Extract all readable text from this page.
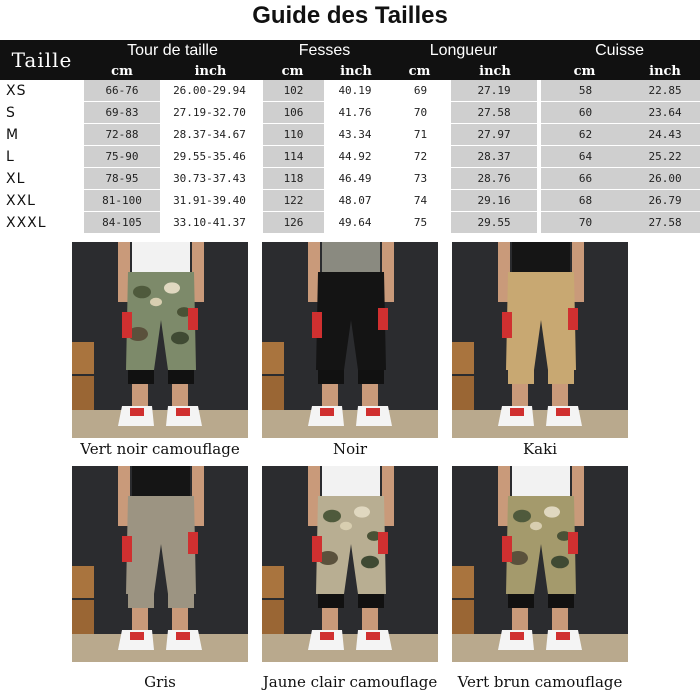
Guide des Tailles
Taille	Tour de taille		Fesses		Longueur		Cuisse	
	cm	inch	cm	inch	cm	inch	cm	inch
XS	66-76	26.00-29.94	102	40.19	69	27.19	58	22.85
S	69-83	27.19-32.70	106	41.76	70	27.58	60	23.64
M	72-88	28.37-34.67	110	43.34	71	27.97	62	24.43
L	75-90	29.55-35.46	114	44.92	72	28.37	64	25.22
XL	78-95	30.73-37.43	118	46.49	73	28.76	66	26.00
XXL	81-100	31.91-39.40	122	48.07	74	29.16	68	26.79
XXXL	84-105	33.10-41.37	126	49.64	75	29.55	70	27.58
Vert noir camouflage	Noir	Kaki
Gris	Jaune clair camouflage	Vert brun camouflage
